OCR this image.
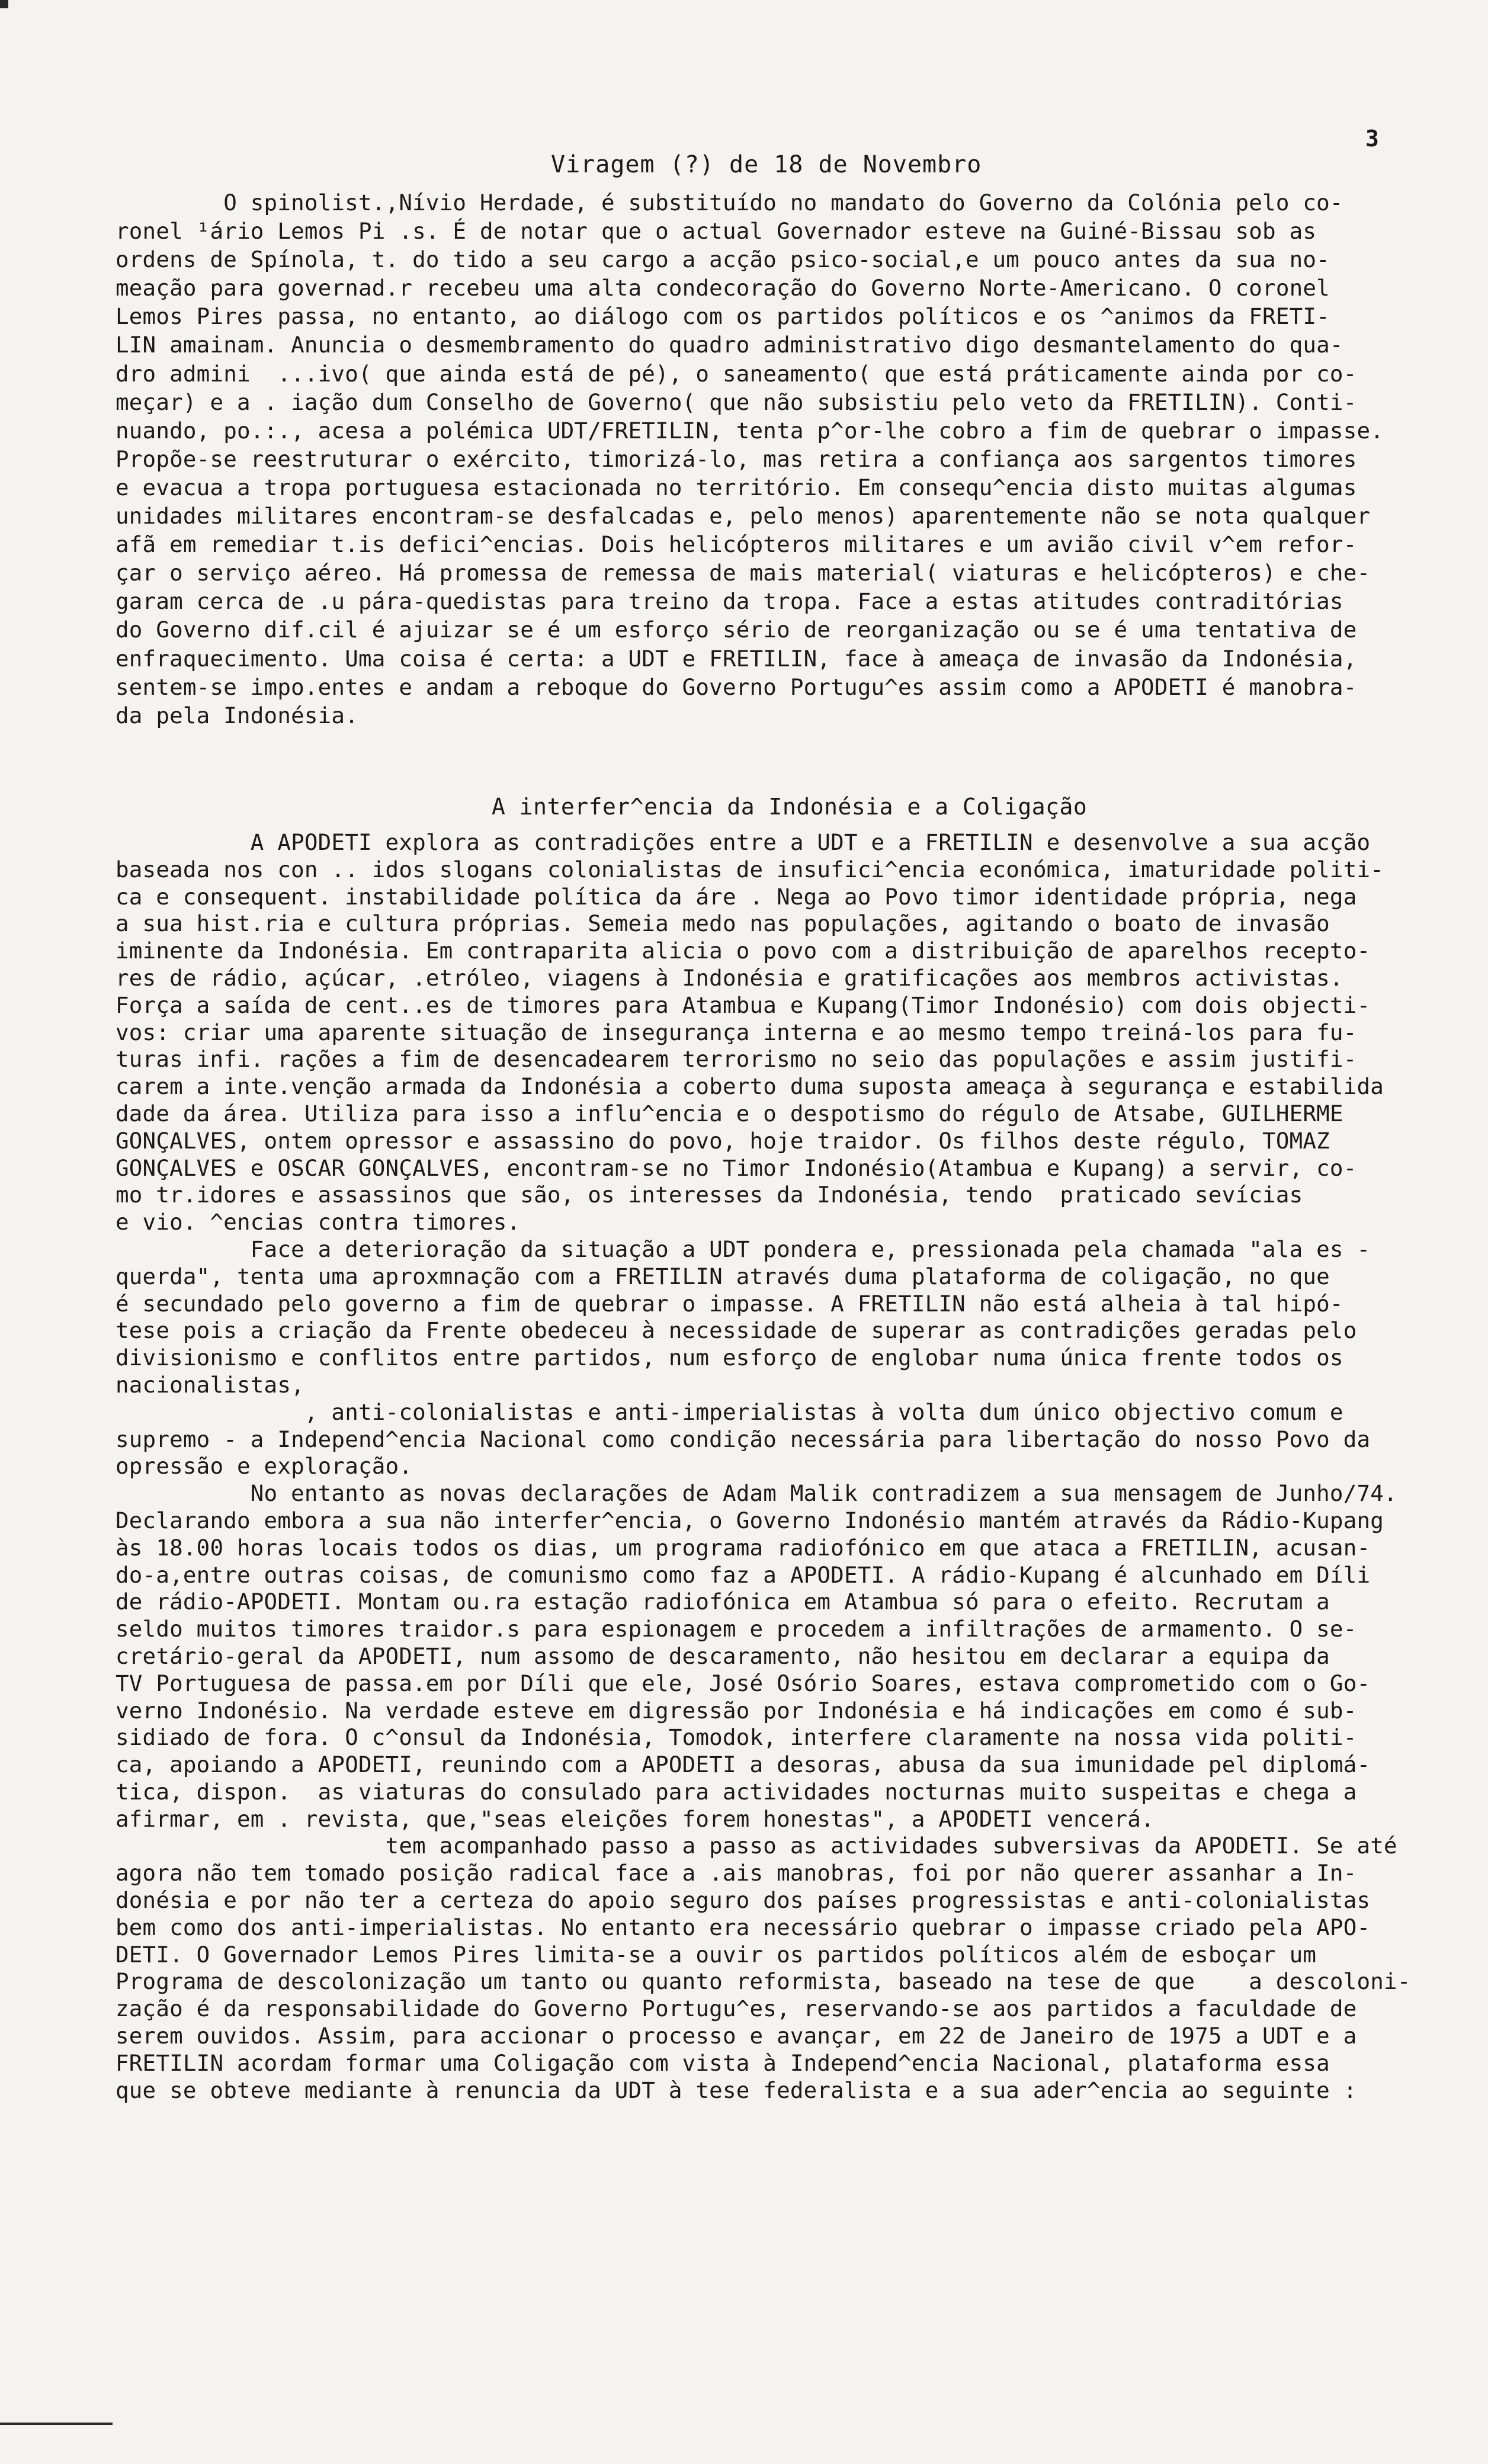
3
Viragem (?) de 18 de Novembro
O spinolist.,Nívio Herdade, é substituído no mandato do Governo da Colónia pelo co-
ronel ¹ário Lemos Pi .s. É de notar que o actual Governador esteve na Guiné-Bissau sob as
ordens de Spínola, t. do tido a seu cargo a acção psico-social,e um pouco antes da sua no-
meação para governad.r recebeu uma alta condecoração do Governo Norte-Americano. O coronel
Lemos Pires passa, no entanto, ao diálogo com os partidos políticos e os ^animos da FRETI-
LIN amainam. Anuncia o desmembramento do quadro administrativo digo desmantelamento do qua-
dro admini  ...ivo( que ainda está de pé), o saneamento( que está práticamente ainda por co-
meçar) e a . iação dum Conselho de Governo( que não subsistiu pelo veto da FRETILIN). Conti-
nuando, po.:., acesa a polémica UDT/FRETILIN, tenta p^or-lhe cobro a fim de quebrar o impasse.
Propõe-se reestruturar o exército, timorizá-lo, mas retira a confiança aos sargentos timores
e evacua a tropa portuguesa estacionada no território. Em consequ^encia disto muitas algumas
unidades militares encontram-se desfalcadas e, pelo menos) aparentemente não se nota qualquer
afã em remediar t.is defici^encias. Dois helicópteros militares e um avião civil v^em refor-
çar o serviço aéreo. Há promessa de remessa de mais material( viaturas e helicópteros) e che-
garam cerca de .u pára-quedistas para treino da tropa. Face a estas atitudes contraditórias
do Governo dif.cil é ajuizar se é um esforço sério de reorganização ou se é uma tentativa de
enfraquecimento. Uma coisa é certa: a UDT e FRETILIN, face à ameaça de invasão da Indonésia,
sentem-se impo.entes e andam a reboque do Governo Portugu^es assim como a APODETI é manobra-
da pela Indonésia.
A interfer^encia da Indonésia e a Coligação
A APODETI explora as contradições entre a UDT e a FRETILIN e desenvolve a sua acção
baseada nos con .. idos slogans colonialistas de insufici^encia económica, imaturidade politi-
ca e consequent. instabilidade política da áre . Nega ao Povo timor identidade própria, nega
a sua hist.ria e cultura próprias. Semeia medo nas populações, agitando o boato de invasão
iminente da Indonésia. Em contraparita alicia o povo com a distribuição de aparelhos recepto-
res de rádio, açúcar, .etróleo, viagens à Indonésia e gratificações aos membros activistas.
Força a saída de cent..es de timores para Atambua e Kupang(Timor Indonésio) com dois objecti-
vos: criar uma aparente situação de insegurança interna e ao mesmo tempo treiná-los para fu-
turas infi. rações a fim de desencadearem terrorismo no seio das populações e assim justifi-
carem a inte.venção armada da Indonésia a coberto duma suposta ameaça à segurança e estabilida
dade da área. Utiliza para isso a influ^encia e o despotismo do régulo de Atsabe, GUILHERME
GONÇALVES, ontem opressor e assassino do povo, hoje traidor. Os filhos deste régulo, TOMAZ
GONÇALVES e OSCAR GONÇALVES, encontram-se no Timor Indonésio(Atambua e Kupang) a servir, co-
mo tr.idores e assassinos que são, os interesses da Indonésia, tendo  praticado sevícias
e vio. ^encias contra timores.
Face a deterioração da situação a UDT pondera e, pressionada pela chamada "ala es -
querda", tenta uma aproxmnação com a FRETILIN através duma plataforma de coligação, no que
é secundado pelo governo a fim de quebrar o impasse. A FRETILIN não está alheia à tal hipó-
tese pois a criação da Frente obedeceu à necessidade de superar as contradições geradas pelo
divisionismo e conflitos entre partidos, num esforço de englobar numa única frente todos os
nacionalistas,
, anti-colonialistas e anti-imperialistas à volta dum único objectivo comum e
supremo - a Independ^encia Nacional como condição necessária para libertação do nosso Povo da
opressão e exploração.
No entanto as novas declarações de Adam Malik contradizem a sua mensagem de Junho/74.
Declarando embora a sua não interfer^encia, o Governo Indonésio mantém através da Rádio-Kupang
às 18.00 horas locais todos os dias, um programa radiofónico em que ataca a FRETILIN, acusan-
do-a,entre outras coisas, de comunismo como faz a APODETI. A rádio-Kupang é alcunhado em Díli
de rádio-APODETI. Montam ou.ra estação radiofónica em Atambua só para o efeito. Recrutam a
seldo muitos timores traidor.s para espionagem e procedem a infiltrações de armamento. O se-
cretário-geral da APODETI, num assomo de descaramento, não hesitou em declarar a equipa da
TV Portuguesa de passa.em por Díli que ele, José Osório Soares, estava comprometido com o Go-
verno Indonésio. Na verdade esteve em digressão por Indonésia e há indicações em como é sub-
sidiado de fora. O c^onsul da Indonésia, Tomodok, interfere claramente na nossa vida politi-
ca, apoiando a APODETI, reunindo com a APODETI a desoras, abusa da sua imunidade pel diplomá-
tica, dispon.  as viaturas do consulado para actividades nocturnas muito suspeitas e chega a
afirmar, em . revista, que,"seas eleições forem honestas", a APODETI vencerá.
tem acompanhado passo a passo as actividades subversivas da APODETI. Se até
agora não tem tomado posição radical face a .ais manobras, foi por não querer assanhar a In-
donésia e por não ter a certeza do apoio seguro dos países progressistas e anti-colonialistas
bem como dos anti-imperialistas. No entanto era necessário quebrar o impasse criado pela APO-
DETI. O Governador Lemos Pires limita-se a ouvir os partidos políticos além de esboçar um
Programa de descolonização um tanto ou quanto reformista, baseado na tese de que    a descoloni-
zação é da responsabilidade do Governo Portugu^es, reservando-se aos partidos a faculdade de
serem ouvidos. Assim, para accionar o processo e avançar, em 22 de Janeiro de 1975 a UDT e a
FRETILIN acordam formar uma Coligação com vista à Independ^encia Nacional, plataforma essa
que se obteve mediante à renuncia da UDT à tese federalista e a sua ader^encia ao seguinte :
